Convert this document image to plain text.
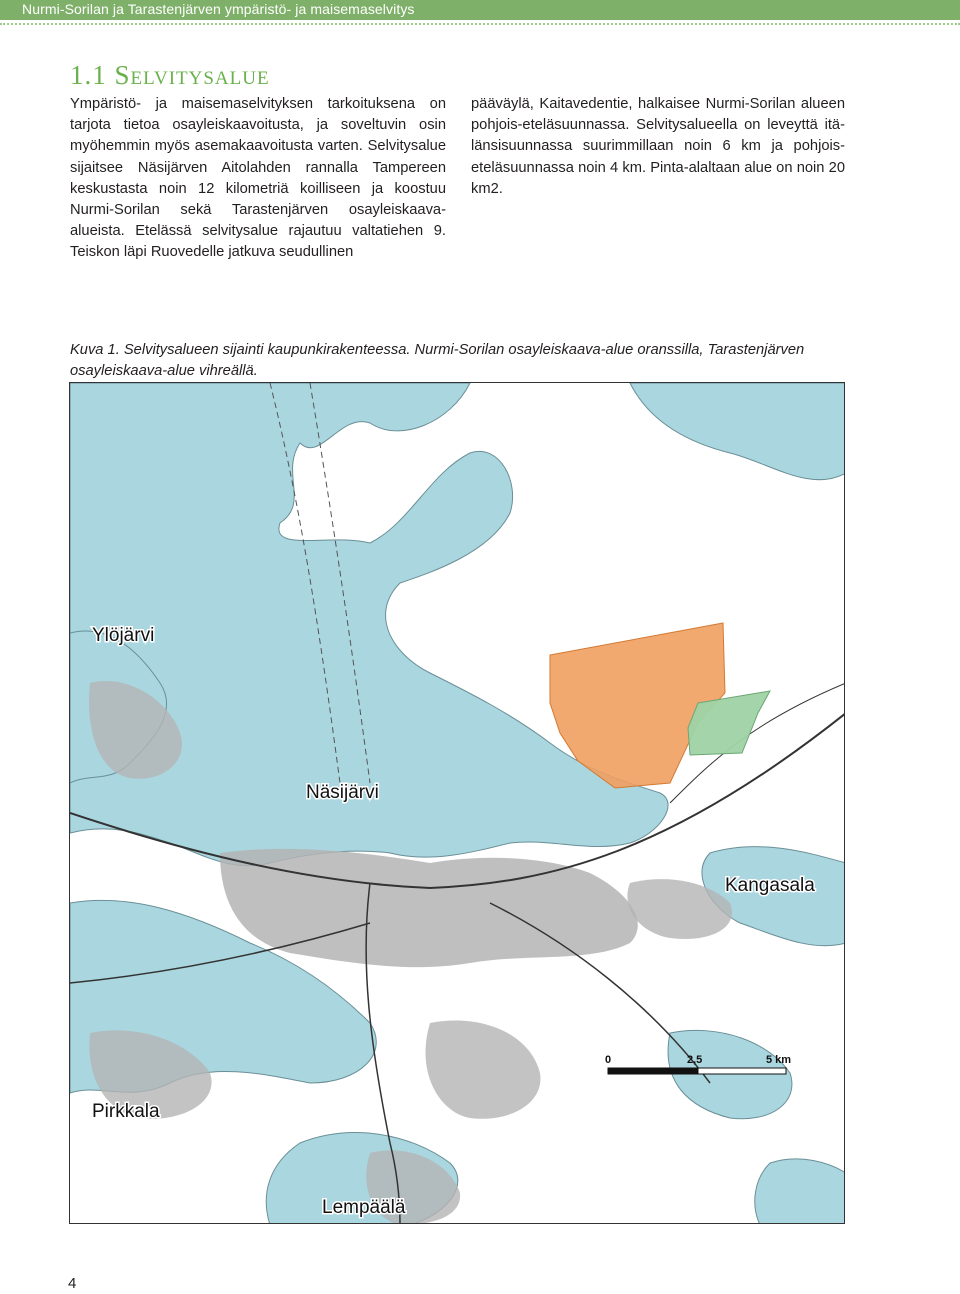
Nurmi-Sorilan ja Tarastenjärven ympäristö- ja maisemaselvitys
1.1 Selvitysalue

Ympäristö- ja maisemaselvityksen tarkoituksena on tarjota tietoa osayleiskaavoitusta, ja soveltuvin osin myöhemmin myös asemakaavoitusta varten. Selvitysalue sijaitsee Näsijärven Aitolahden rannalla Tampereen keskustasta noin 12 kilometriä koilliseen ja koostuu Nurmi-Sorilan sekä Tarastenjärven osayleiskaava-alueista. Etelässä selvitysalue rajautuu valtatiehen 9. Teiskon läpi Ruovedelle jatkuva seudullinen

pääväylä, Kaitavedentie, halkaisee Nurmi-Sorilan alueen pohjois-eteläsuunnassa. Selvitysalueella on leveyttä itä-länsisuunnassa suurimmillaan noin 6 km ja pohjois-eteläsuunnassa noin 4 km. Pinta-alaltaan alue on noin 20 km2.

Kuva 1. Selvitysalueen sijainti kaupunkirakenteessa. Nurmi-Sorilan osayleiskaava-alue oranssilla, Tarastenjärven osayleiskaava-alue vihreällä.
Ylöjärvi
Näsijärvi
Kangasala
Pirkkala
Lempäälä
0	2,5	5 km
4
